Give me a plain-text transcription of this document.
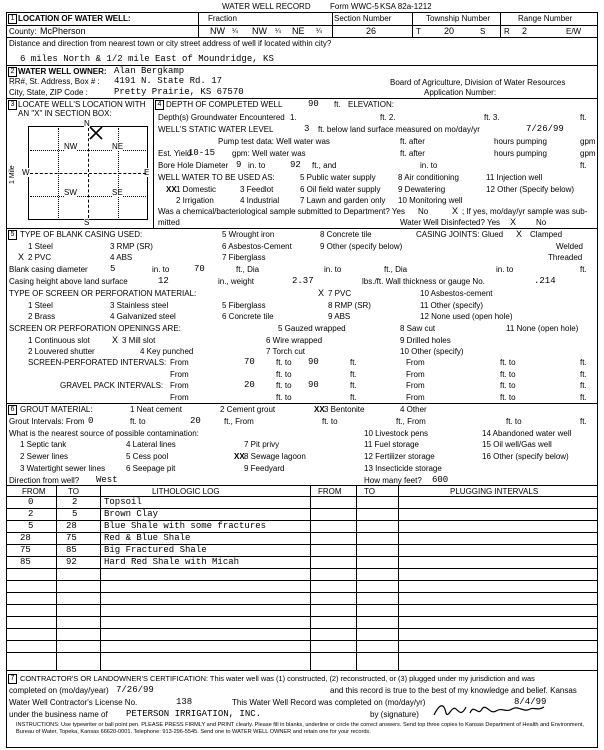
WATER WELL RECORD Form WWC-5 KSA 82a-1212
1 LOCATION OF WATER WELL:	Fraction	Section Number	Township Number	Range Number
County: McPherson	NW ¼ NW ¼ NE ¼	26	T	20	S R 2	E/W
Distance and direction from nearest town or city street address of well if located within city?
6 miles North & 1/2 mile East of Moundridge, KS
2 WATER WELL OWNER: Alan Bergkamp
RR#, St. Address, Box # : 4191 N. State Rd. 17
City, State, ZIP Code :	Pretty Prairie, KS 67570
Board of Agriculture, Division of Water Resources
Application Number:
3 LOCATE WELL'S LOCATION WITH AN "X" IN SECTION BOX:
N
S
W	E
NW	NE
SW	SE
1 Mile
4 DEPTH OF COMPLETED WELL	90 ft. ELEVATION:
Depth(s) Groundwater Encountered 1.	ft. 2.	ft. 3.	ft.
WELL'S STATIC WATER LEVEL	3 ft. below land surface measured on mo/day/yr	7/26/99
Pump test data: Well water was	ft. after	hours pumping	gpm
Est. Yield
10-15 gpm: Well water was	ft. after	hours pumping	gpm
Bore Hole Diameter 9 in. to	92 ft., and	in. to	ft.
WELL WATER TO BE USED AS:	5 Public water supply	8 Air conditioning	11 Injection well
XX 1 Domestic	3 Feedlot	6 Oil field water supply 9 Dewatering	12 Other (Specify below)
2 Irrigation	4 Industrial	7 Lawn and garden only 10 Monitoring well
Was a chemical/bacteriological sample submitted to Department? Yes No	X ; If yes, mo/day/yr sample was sub-
mitted	Water Well Disinfected? Yes X No
5 TYPE OF BLANK CASING USED:	5 Wrought iron	8 Concrete tile	CASING JOINTS: Glued X Clamped
1 Steel	3 RMP (SR)	6 Asbestos-Cement	9 Other (specify below)	Welded
X 2 PVC	4 ABS	7 Fiberglass	Threaded
Blank casing diameter 5	in. to	70	ft., Dia	in. to	ft., Dia	in. to	ft.
Casing height above land surface	12	in., weight	2.37	lbs./ft. Wall thickness or gauge No.	.214
TYPE OF SCREEN OR PERFORATION MATERIAL:	X 7 PVC	10 Asbestos-cement
1 Steel	3 Stainless steel	5 Fiberglass	8 RMP (SR)	11 Other (specify)
2 Brass	4 Galvanized steel	6 Concrete tile	9 ABS	12 None used (open hole)
SCREEN OR PERFORATION OPENINGS ARE:	5 Gauzed wrapped	8 Saw cut	11 None (open hole)
1 Continuous slot X 3 Mill slot	6 Wire wrapped	9 Drilled holes
2 Louvered shutter	4 Key punched	7 Torch cut	10 Other (specify)
SCREEN-PERFORATED INTERVALS: From	70	ft. to 90	ft.	From	ft. to	ft.
From	ft. to	ft.	From	ft. to	ft.
GRAVEL PACK INTERVALS: From	20	ft. to 90	ft.	From	ft. to	ft.
From	ft. to	ft.	From	ft. to	ft.
6 GROUT MATERIAL:	1 Neat cement	2 Cement grout	XX 3 Bentonite	4 Other
Grout Intervals: From 0	ft. to	20	ft., From	ft. to	ft., From	ft. to	ft.
What is the nearest source of possible contamination:	10 Livestock pens	14 Abandoned water well
1 Septic tank	4 Lateral lines	7 Pit privy	11 Fuel storage	15 Oil well/Gas well
2 Sewer lines	5 Cess pool	XX 8 Sewage lagoon	12 Fertilizer storage	16 Other (specify below)
3 Watertight sewer lines	6 Seepage pit	9 Feedyard	13 Insecticide storage
Direction from well? West	How many feet? 600
FROM	TO	LITHOLOGIC LOG	FROM	TO	PLUGGING INTERVALS
0	2	Topsoil
2	5	Brown Clay
5	28	Blue Shale with some fractures
28	75	Red & Blue Shale
75	85	Big Fractured Shale
85	92	Hard Red Shale with Micah
7 CONTRACTOR'S OR LANDOWNER'S CERTIFICATION: This water well was (1) constructed, (2) reconstructed, or (3) plugged under my jurisdiction and was
completed on (mo/day/year) 7/26/99	and this record is true to the best of my knowledge and belief. Kansas
Water Well Contractor's License No.	138	This Water Well Record was completed on (mo/day/yr)	8/4/99
under the business name of PETERSON IRRIGATION, INC.	by (signature)
INSTRUCTIONS: Use typewriter or ball point pen. PLEASE PRESS FIRMLY and PRINT clearly. Please fill in blanks, underline or circle the correct answers. Send top three copies to Kansas Department of Health and Environment, Bureau of Water, Topeka, Kansas 66620-0001. Telephone: 913-296-5545. Send one to WATER WELL OWNER and retain one for your records.
